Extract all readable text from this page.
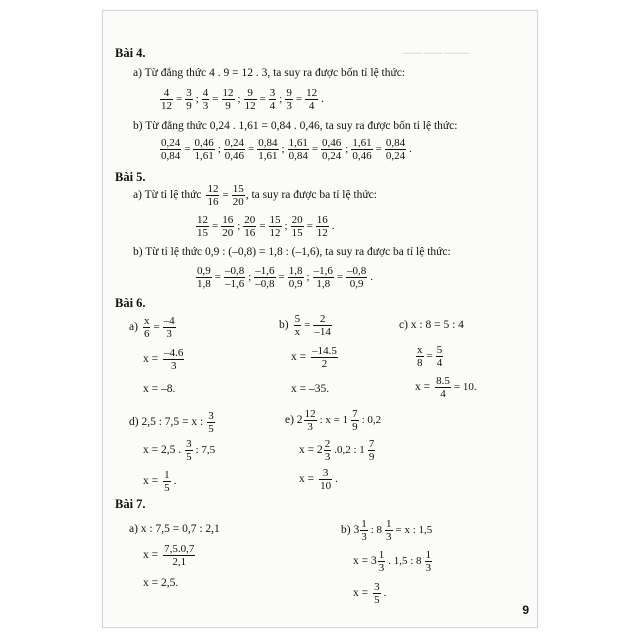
▁▁▁ ▁▁▁ ▁▁▁▁
Bài 4.
a) Từ đẳng thức 4 . 9 = 12 . 3, ta suy ra được bốn tỉ lệ thức:
$\frac{4}{12} = \frac{3}{9}$ ; $\frac{4}{3} = \frac{12}{9}$ ; $\frac{9}{12} = \frac{3}{4}$ ; $\frac{9}{3} = \frac{12}{4}$ .
b) Từ đẳng thức 0,24 . 1,61 = 0,84 . 0,46, ta suy ra được bốn tỉ lệ thức:
$\frac{0,24}{0,84} = \frac{0,46}{1,61}$ ; $\frac{0,24}{0,46} = \frac{0,84}{1,61}$ ; $\frac{1,61}{0,84} = \frac{0,46}{0,24}$ ; $\frac{1,61}{0,46} = \frac{0,84}{0,24}$ .
Bài 5.
a) Từ tỉ lệ thức $\frac{12}{16} = \frac{15}{20}$ , ta suy ra được ba tỉ lệ thức:
$\frac{12}{15} = \frac{16}{20}$ ; $\frac{20}{16} = \frac{15}{12}$ ; $\frac{20}{15} = \frac{16}{12}$ .
b) Từ tỉ lệ thức 0,9 : (–0,8) = 1,8 : (–1,6), ta suy ra được ba tỉ lệ thức:
$\frac{0,9}{1,8} = \frac{-0,8}{-1,6}$ ; $\frac{-1,6}{-0,8} = \frac{1,8}{0,9}$ ; $\frac{-1,6}{1,8} = \frac{-0,8}{0,9}$ .
Bài 6.
$a) \frac{x}{6} = \frac{-4}{3}$
$x = \frac{-4.6}{3}$
x = –8.
$b) \frac{5}{x} = \frac{2}{-14}$
$x = \frac{-14.5}{2}$
x = –35.
c) x : 8 = 5 : 4
$\frac{x}{8} = \frac{5}{4}$
$x = \frac{8.5}{4} = 10$.
d) 2,5 : 7,5 = x : $\frac{3}{5}$
x = 2,5 . $\frac{3}{5}$ : 7,5
$x = \frac{1}{5}$ .
e) $2 \frac{12}{3}$ : $x = 1 \frac{7}{9}$ : 0,2
$x = 2 \frac{2}{3} .0,2$ : $1 \frac{7}{9}$
$x = \frac{3}{10}$ .
Bài 7.
a) x : 7,5 = 0,7 : 2,1
$x = \frac{7,5.0,7}{2,1}$
x = 2,5.
b) $3 \frac{1}{3}$ : $8 \frac{1}{3} = x$ : 1,5
$x = 3 \frac{1}{3}$ . 1,5 : $8 \frac{1}{3}$
$x = \frac{3}{5}$ .
9
